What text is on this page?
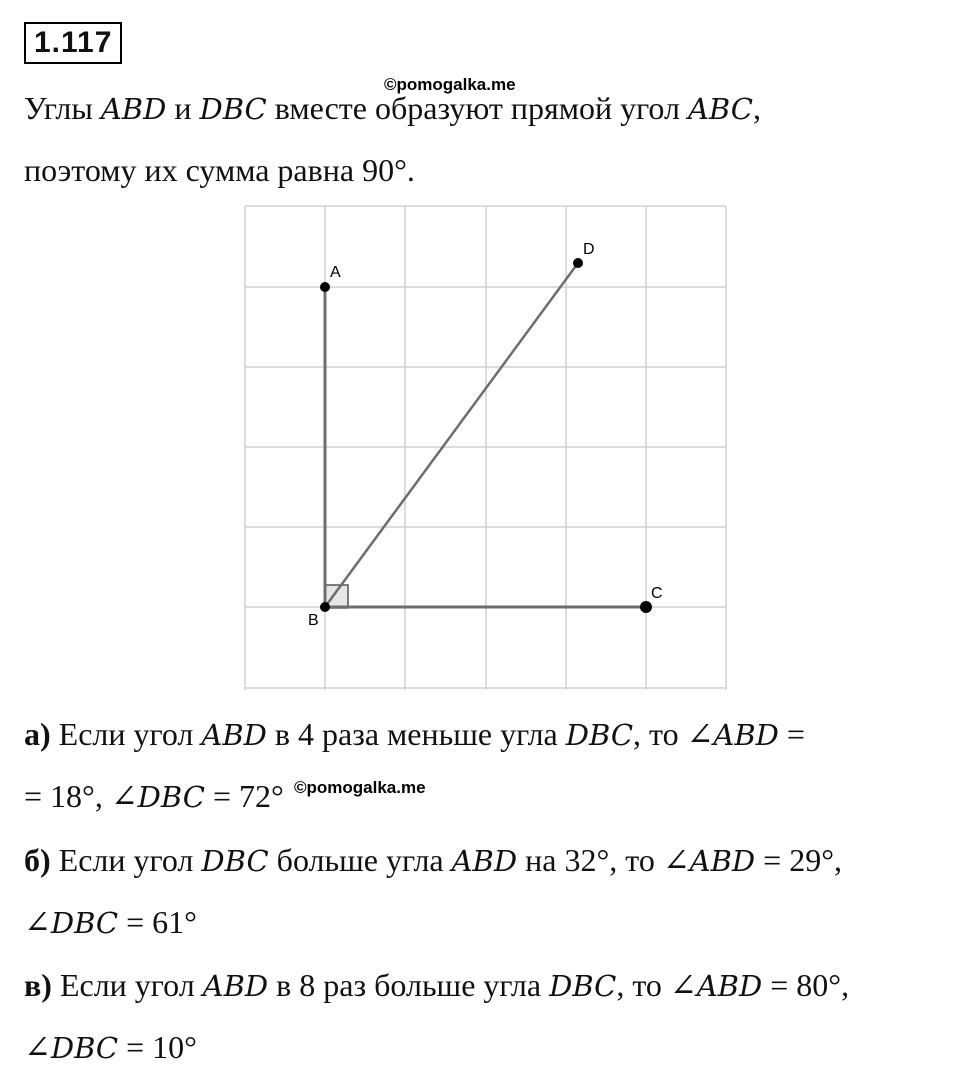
1.117
©pomogalka.me
Углы ABD и DBC вместе образуют прямой угол ABC,
поэтому их сумма равна 90°.
A
B
C
D
а) Если угол ABD в 4 раза меньше угла DBC, то ∠ABD =
= 18°, ∠DBC = 72° ©pomogalka.me
б) Если угол DBC больше угла ABD на 32°, то ∠ABD = 29°,
∠DBC = 61°
в) Если угол ABD в 8 раз больше угла DBC, то ∠ABD = 80°,
∠DBC = 10°
